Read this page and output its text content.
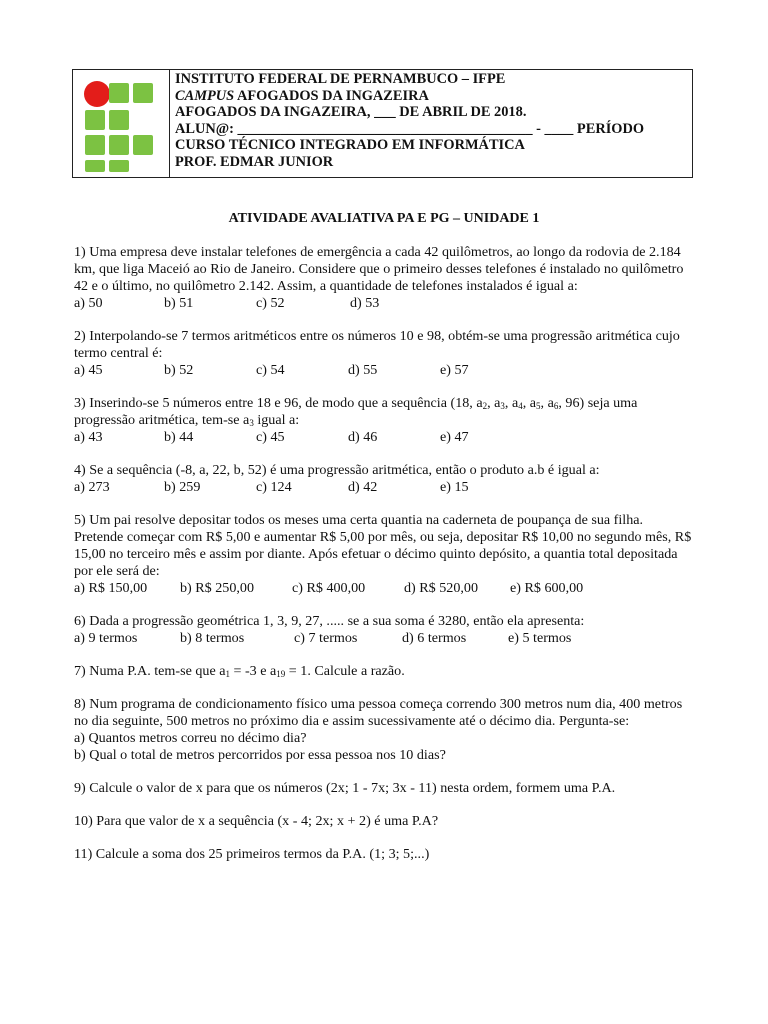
INSTITUTO FEDERAL DE PERNAMBUCO – IFPE
CAMPUS AFOGADOS DA INGAZEIRA
AFOGADOS DA INGAZEIRA, ___ DE ABRIL DE 2018.
ALUN@: _________________________________________ - ____ PERÍODO
CURSO TÉCNICO INTEGRADO EM INFORMÁTICA
PROF. EDMAR JUNIOR
ATIVIDADE AVALIATIVA PA E PG – UNIDADE 1
1) Uma empresa deve instalar telefones de emergência a cada 42 quilômetros, ao longo da rodovia de 2.184 km, que liga Maceió ao Rio de Janeiro. Considere que o primeiro desses telefones é instalado no quilômetro 42 e o último, no quilômetro 2.142. Assim, a quantidade de telefones instalados é igual a:
a) 50	b) 51	c) 52	d) 53
2) Interpolando-se 7 termos aritméticos entre os números 10 e 98, obtém-se uma progressão aritmética cujo termo central é:
a) 45	b) 52	c) 54	d) 55	e) 57
3) Inserindo-se 5 números entre 18 e 96, de modo que a sequência (18, $a_2$, $a_3$, $a_4$, $a_5$, $a_6$, 96) seja uma progressão aritmética, tem-se $a_3$ igual a:
a) 43	b) 44	c) 45	d) 46	e) 47
4) Se a sequência (-8, a, 22, b, 52) é uma progressão aritmética, então o produto a.b é igual a:
a) 273	b) 259	c) 124	d) 42	e) 15
5) Um pai resolve depositar todos os meses uma certa quantia na caderneta de poupança de sua filha. Pretende começar com R$ 5,00 e aumentar R$ 5,00 por mês, ou seja, depositar R$ 10,00 no segundo mês, R$ 15,00 no terceiro mês e assim por diante. Após efetuar o décimo quinto depósito, a quantia total depositada por ele será de:
a) R$ 150,00 b) R$ 250,00	c) R$ 400,00	d) R$ 520,00 e) R$ 600,00
6) Dada a progressão geométrica 1, 3, 9, 27, ..... se a sua soma é 3280, então ela apresenta:
a) 9 termos	b) 8 termos	c) 7 termos	d) 6 termos	e) 5 termos
7) Numa P.A. tem-se que $a_1 = -3$ e $a_{19} = 1$. Calcule a razão.
8) Num programa de condicionamento físico uma pessoa começa correndo 300 metros num dia, 400 metros no dia seguinte, 500 metros no próximo dia e assim sucessivamente até o décimo dia. Pergunta-se:
a) Quantos metros correu no décimo dia?
b) Qual o total de metros percorridos por essa pessoa nos 10 dias?
9) Calcule o valor de x para que os números (2x; 1 - 7x; 3x - 11) nesta ordem, formem uma P.A.
10) Para que valor de x a sequência (x - 4; 2x; x + 2) é uma P.A?
11) Calcule a soma dos 25 primeiros termos da P.A. (1; 3; 5;...)
